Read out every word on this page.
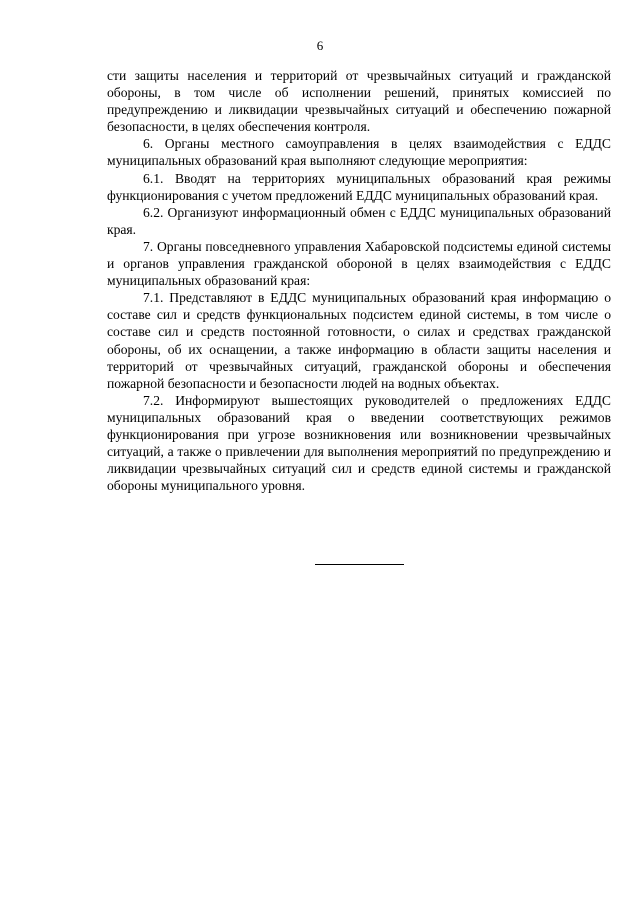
6

сти защиты населения и территорий от чрезвычайных ситуаций и гражданской обороны, в том числе об исполнении решений, принятых комиссией по предупреждению и ликвидации чрезвычайных ситуаций и обеспечению пожарной безопасности, в целях обеспечения контроля.

6. Органы местного самоуправления в целях взаимодействия с ЕДДС муниципальных образований края выполняют следующие мероприятия:

6.1. Вводят на территориях муниципальных образований края режимы функционирования с учетом предложений ЕДДС муниципальных образований края.

6.2. Организуют информационный обмен с ЕДДС муниципальных образований края.

7. Органы повседневного управления Хабаровской подсистемы единой системы и органов управления гражданской обороной в целях взаимодействия с ЕДДС муниципальных образований края:

7.1. Представляют в ЕДДС муниципальных образований края информацию о составе сил и средств функциональных подсистем единой системы, в том числе о составе сил и средств постоянной готовности, о силах и средствах гражданской обороны, об их оснащении, а также информацию в области защиты населения и территорий от чрезвычайных ситуаций, гражданской обороны и обеспечения пожарной безопасности и безопасности людей на водных объектах.

7.2. Информируют вышестоящих руководителей о предложениях ЕДДС муниципальных образований края о введении соответствующих режимов функционирования при угрозе возникновения или возникновении чрезвычайных ситуаций, а также о привлечении для выполнения мероприятий по предупреждению и ликвидации чрезвычайных ситуаций сил и средств единой системы и гражданской обороны муниципального уровня.
